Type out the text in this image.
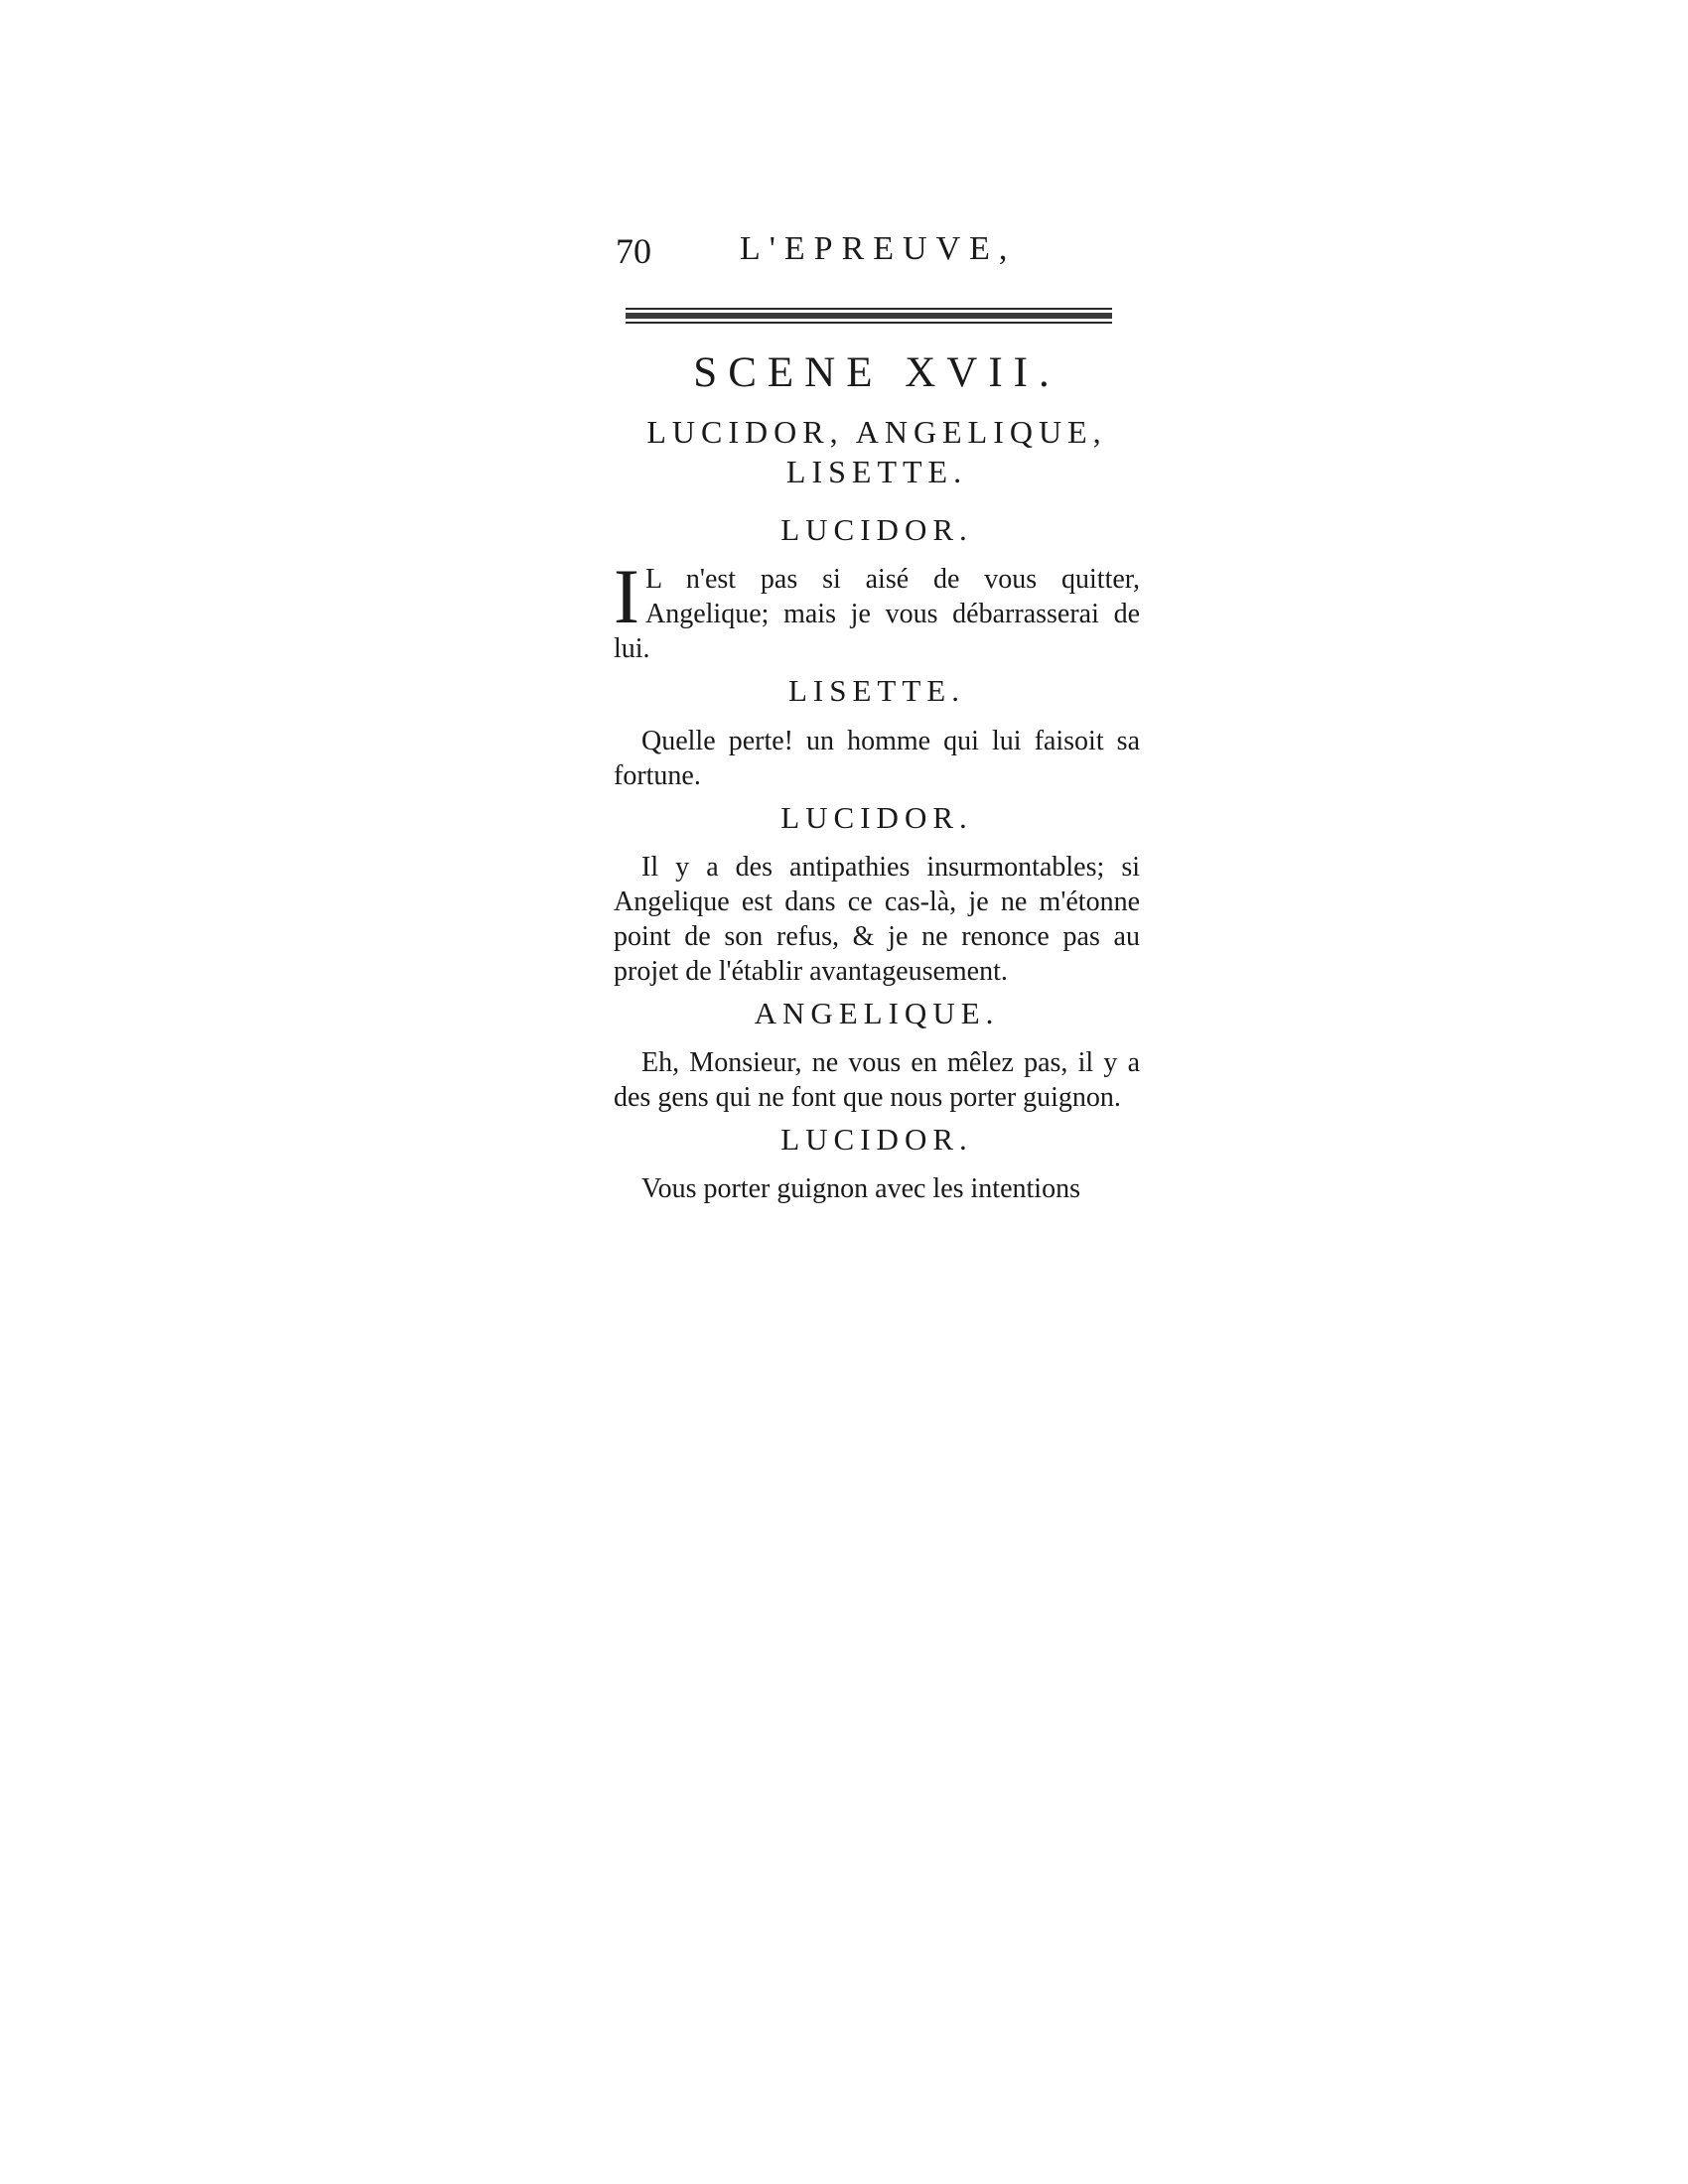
70	L'EPREUVE,
SCENE XVII.
LUCIDOR, ANGELIQUE,
LISETTE.
LUCIDOR.
I L n'est pas si aisé de vous quitter, Angelique; mais je vous débarrasserai de lui.
LISETTE.
Quelle perte! un homme qui lui faisoit sa fortune.
LUCIDOR.
Il y a des antipathies insurmontables; si Angelique est dans ce cas-là, je ne m'étonne point de son refus, & je ne renonce pas au projet de l'établir avantageusement.
ANGELIQUE.
Eh, Monsieur, ne vous en mêlez pas, il y a des gens qui ne font que nous porter guignon.
LUCIDOR.
Vous porter guignon avec les intentions
